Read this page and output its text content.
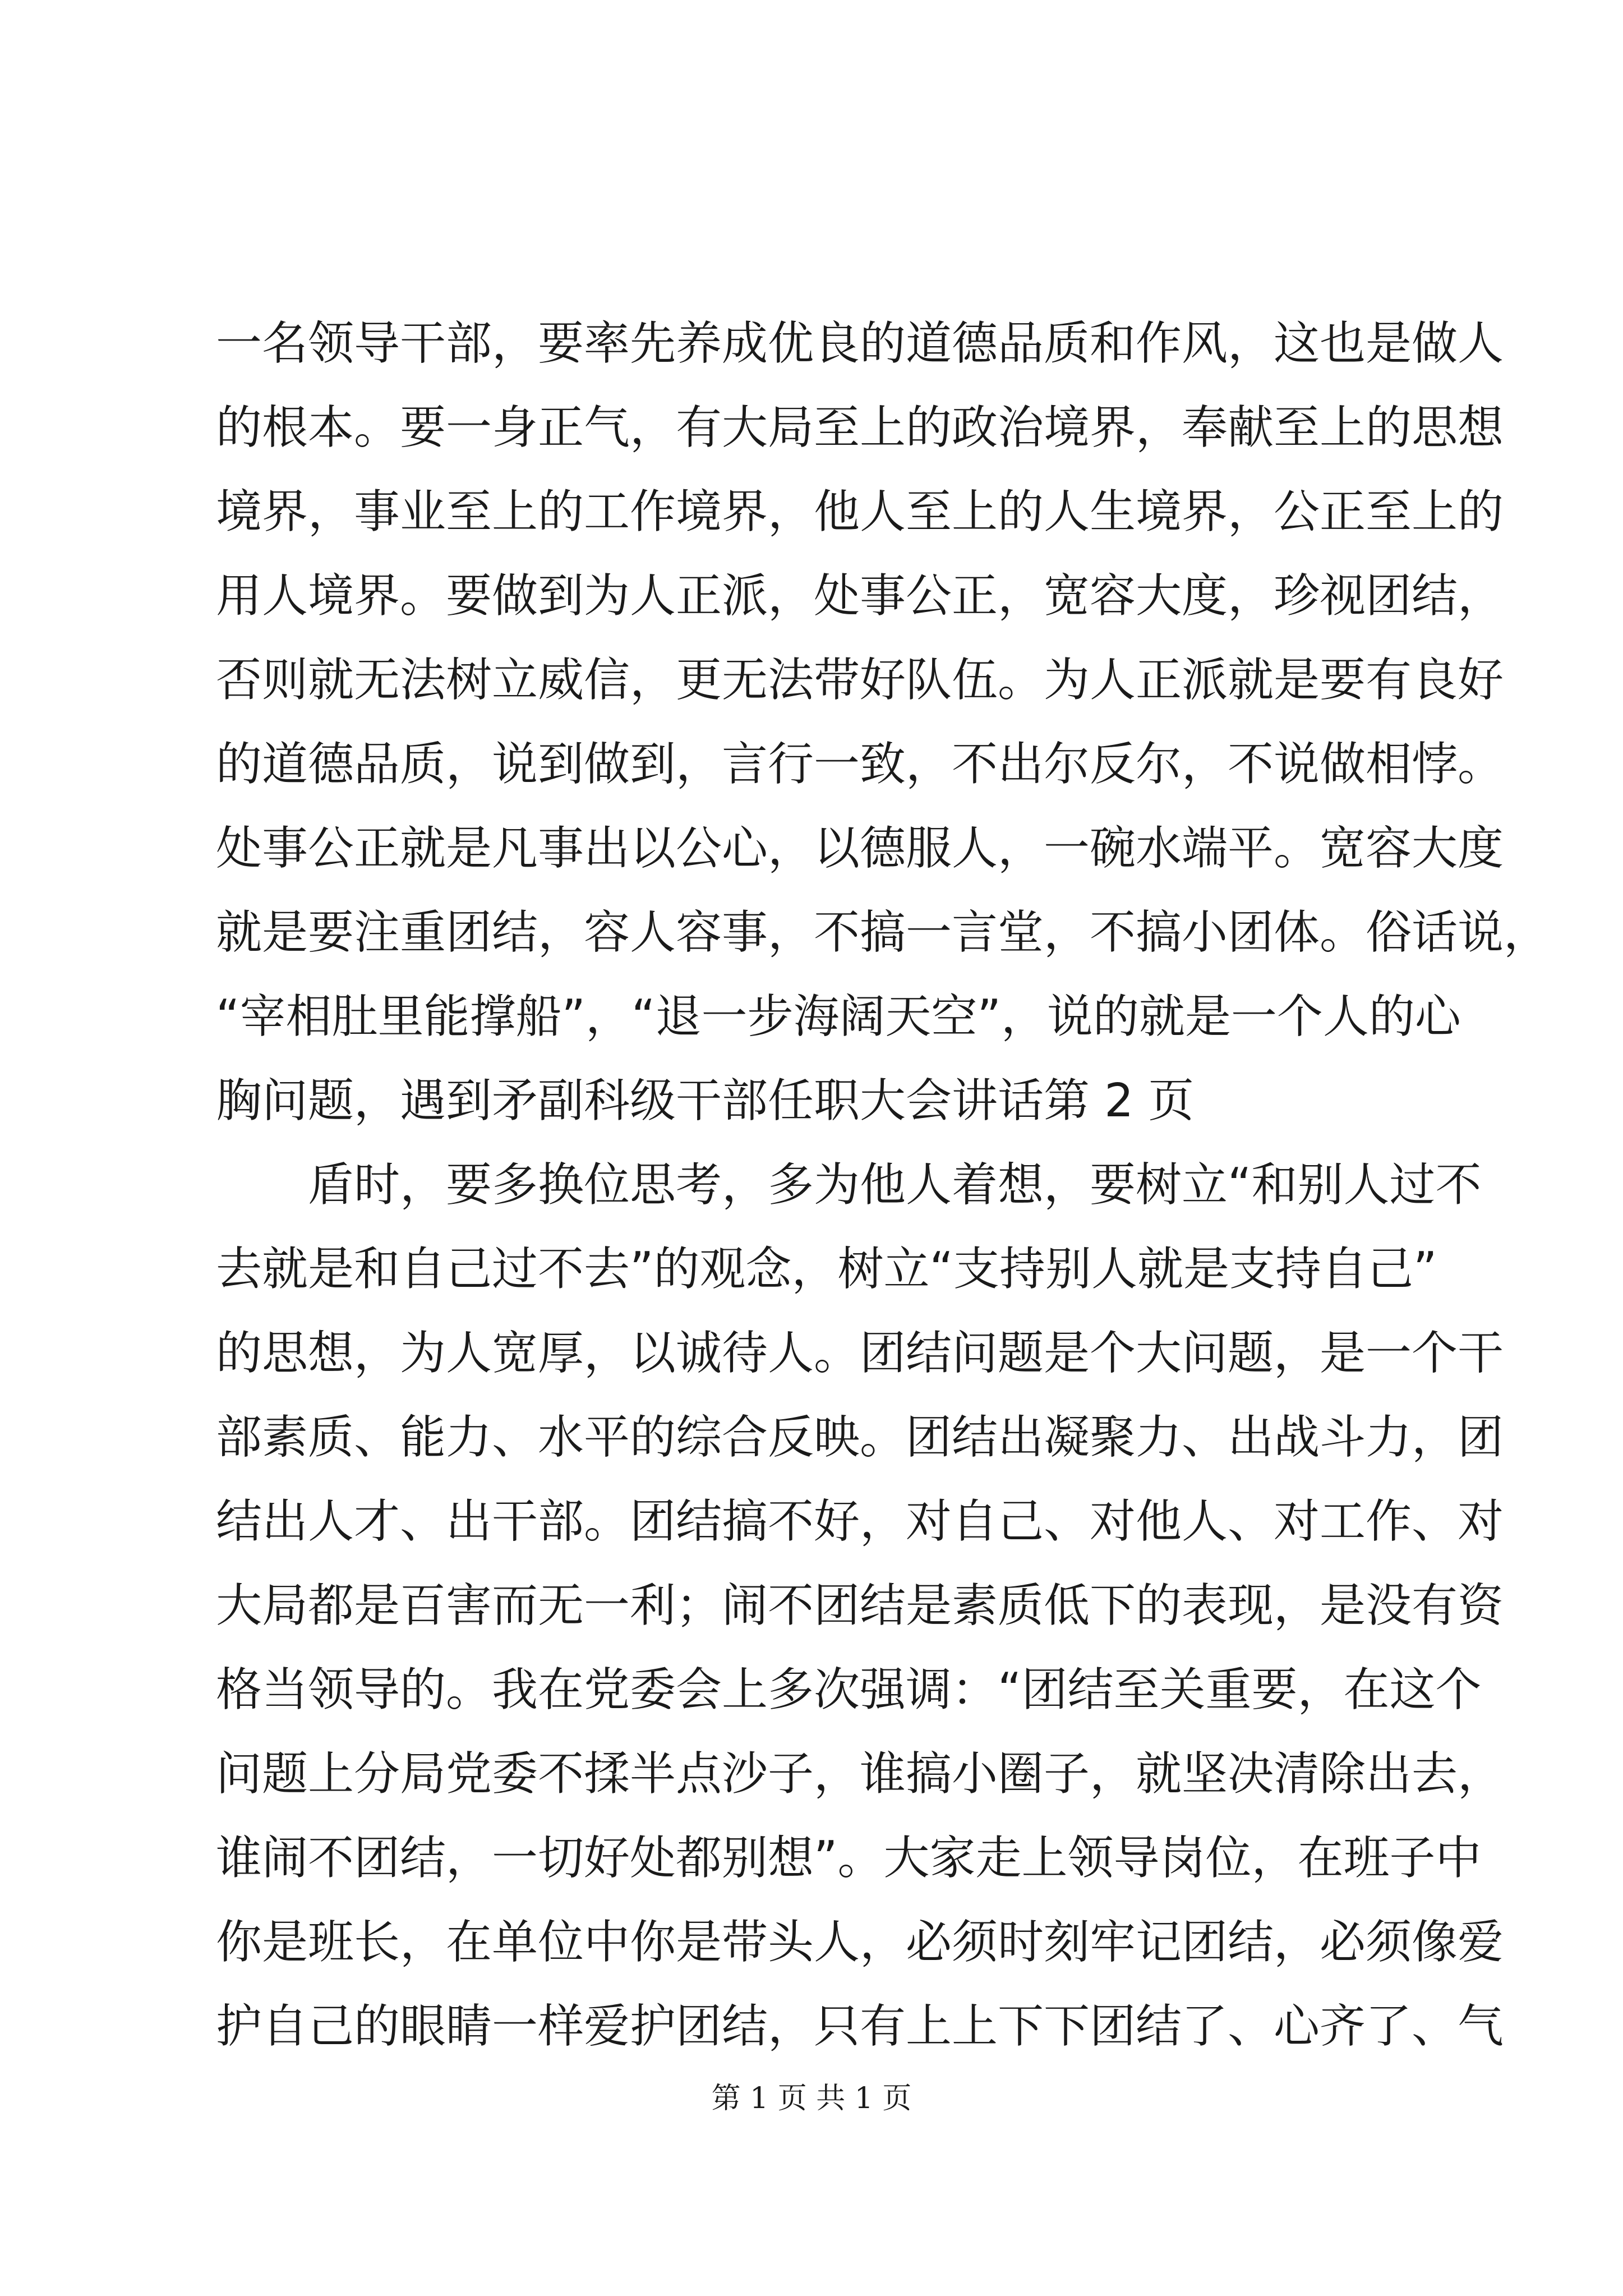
一名领导干部，要率先养成优良的道德品质和作风，这也是做人
的根本。要一身正气，有大局至上的政治境界，奉献至上的思想
境界，事业至上的工作境界，他人至上的人生境界，公正至上的
用人境界。要做到为人正派，处事公正，宽容大度，珍视团结，
否则就无法树立威信，更无法带好队伍。为人正派就是要有良好
的道德品质，说到做到，言行一致，不出尔反尔，不说做相悖。
处事公正就是凡事出以公心，以德服人，一碗水端平。宽容大度
就是要注重团结，容人容事，不搞一言堂，不搞小团体。俗话说，
“宰相肚里能撑船”，“退一步海阔天空”，说的就是一个人的心
胸问题，遇到矛副科级干部任职大会讲话第 2 页
　　盾时，要多换位思考，多为他人着想，要树立“和别人过不
去就是和自己过不去”的观念，树立“支持别人就是支持自己”
的思想，为人宽厚，以诚待人。团结问题是个大问题，是一个干
部素质、能力、水平的综合反映。团结出凝聚力、出战斗力，团
结出人才、出干部。团结搞不好，对自己、对他人、对工作、对
大局都是百害而无一利；闹不团结是素质低下的表现，是没有资
格当领导的。我在党委会上多次强调：“团结至关重要，在这个
问题上分局党委不揉半点沙子，谁搞小圈子，就坚决清除出去，
谁闹不团结，一切好处都别想”。大家走上领导岗位，在班子中
你是班长，在单位中你是带头人，必须时刻牢记团结，必须像爱
护自己的眼睛一样爱护团结，只有上上下下团结了、心齐了、气
第 1 页 共 1 页
